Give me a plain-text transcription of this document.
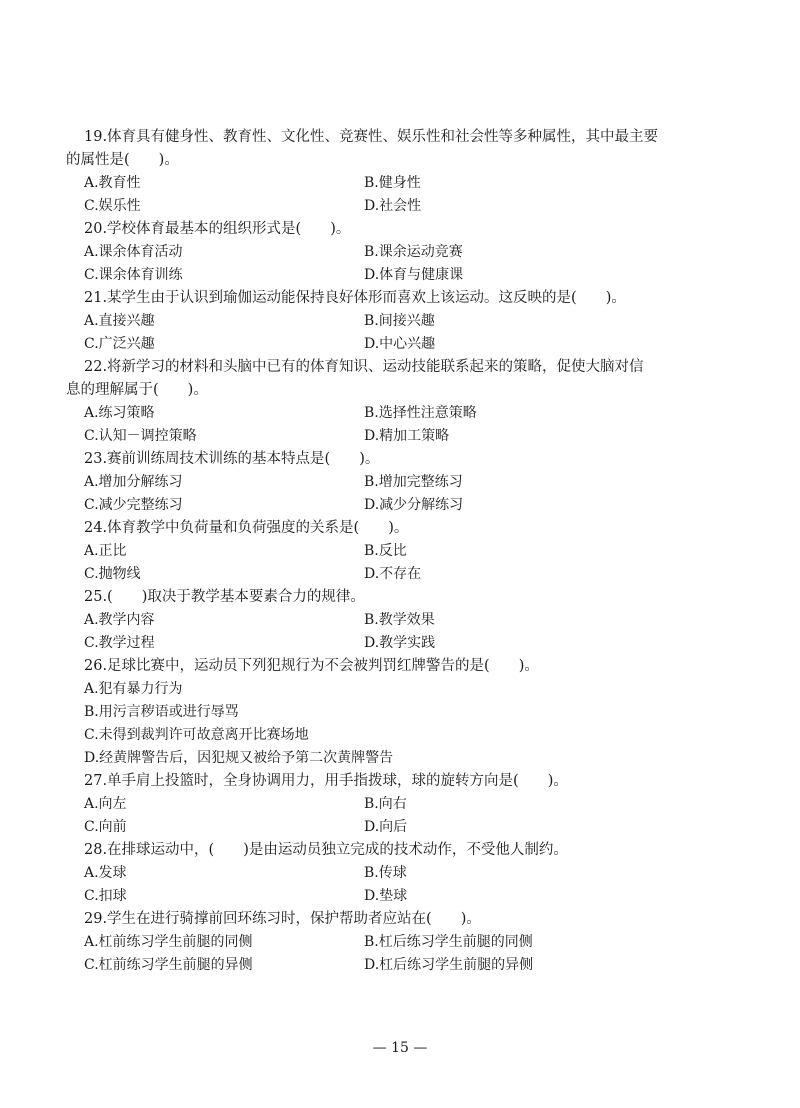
19.体育具有健身性、教育性、文化性、竞赛性、娱乐性和社会性等多种属性，其中最主要
的属性是(　　)。
A.教育性	B.健身性
C.娱乐性	D.社会性
20.学校体育最基本的组织形式是(　　)。
A.课余体育活动	B.课余运动竞赛
C.课余体育训练	D.体育与健康课
21.某学生由于认识到瑜伽运动能保持良好体形而喜欢上该运动。这反映的是(　　)。
A.直接兴趣	B.间接兴趣
C.广泛兴趣	D.中心兴趣
22.将新学习的材料和头脑中已有的体育知识、运动技能联系起来的策略，促使大脑对信
息的理解属于(　　)。
A.练习策略	B.选择性注意策略
C.认知－调控策略	D.精加工策略
23.赛前训练周技术训练的基本特点是(　　)。
A.增加分解练习	B.增加完整练习
C.减少完整练习	D.减少分解练习
24.体育教学中负荷量和负荷强度的关系是(　　)。
A.正比	B.反比
C.抛物线	D.不存在
25.(　　)取决于教学基本要素合力的规律。
A.教学内容	B.教学效果
C.教学过程	D.教学实践
26.足球比赛中，运动员下列犯规行为不会被判罚红牌警告的是(　　)。
A.犯有暴力行为
B.用污言秽语或进行辱骂
C.未得到裁判许可故意离开比赛场地
D.经黄牌警告后，因犯规又被给予第二次黄牌警告
27.单手肩上投篮时，全身协调用力，用手指拨球，球的旋转方向是(　　)。
A.向左	B.向右
C.向前	D.向后
28.在排球运动中，(　　)是由运动员独立完成的技术动作，不受他人制约。
A.发球	B.传球
C.扣球	D.垫球
29.学生在进行骑撑前回环练习时，保护帮助者应站在(　　)。
A.杠前练习学生前腿的同侧	B.杠后练习学生前腿的同侧
C.杠前练习学生前腿的异侧	D.杠后练习学生前腿的异侧
— 15 —
